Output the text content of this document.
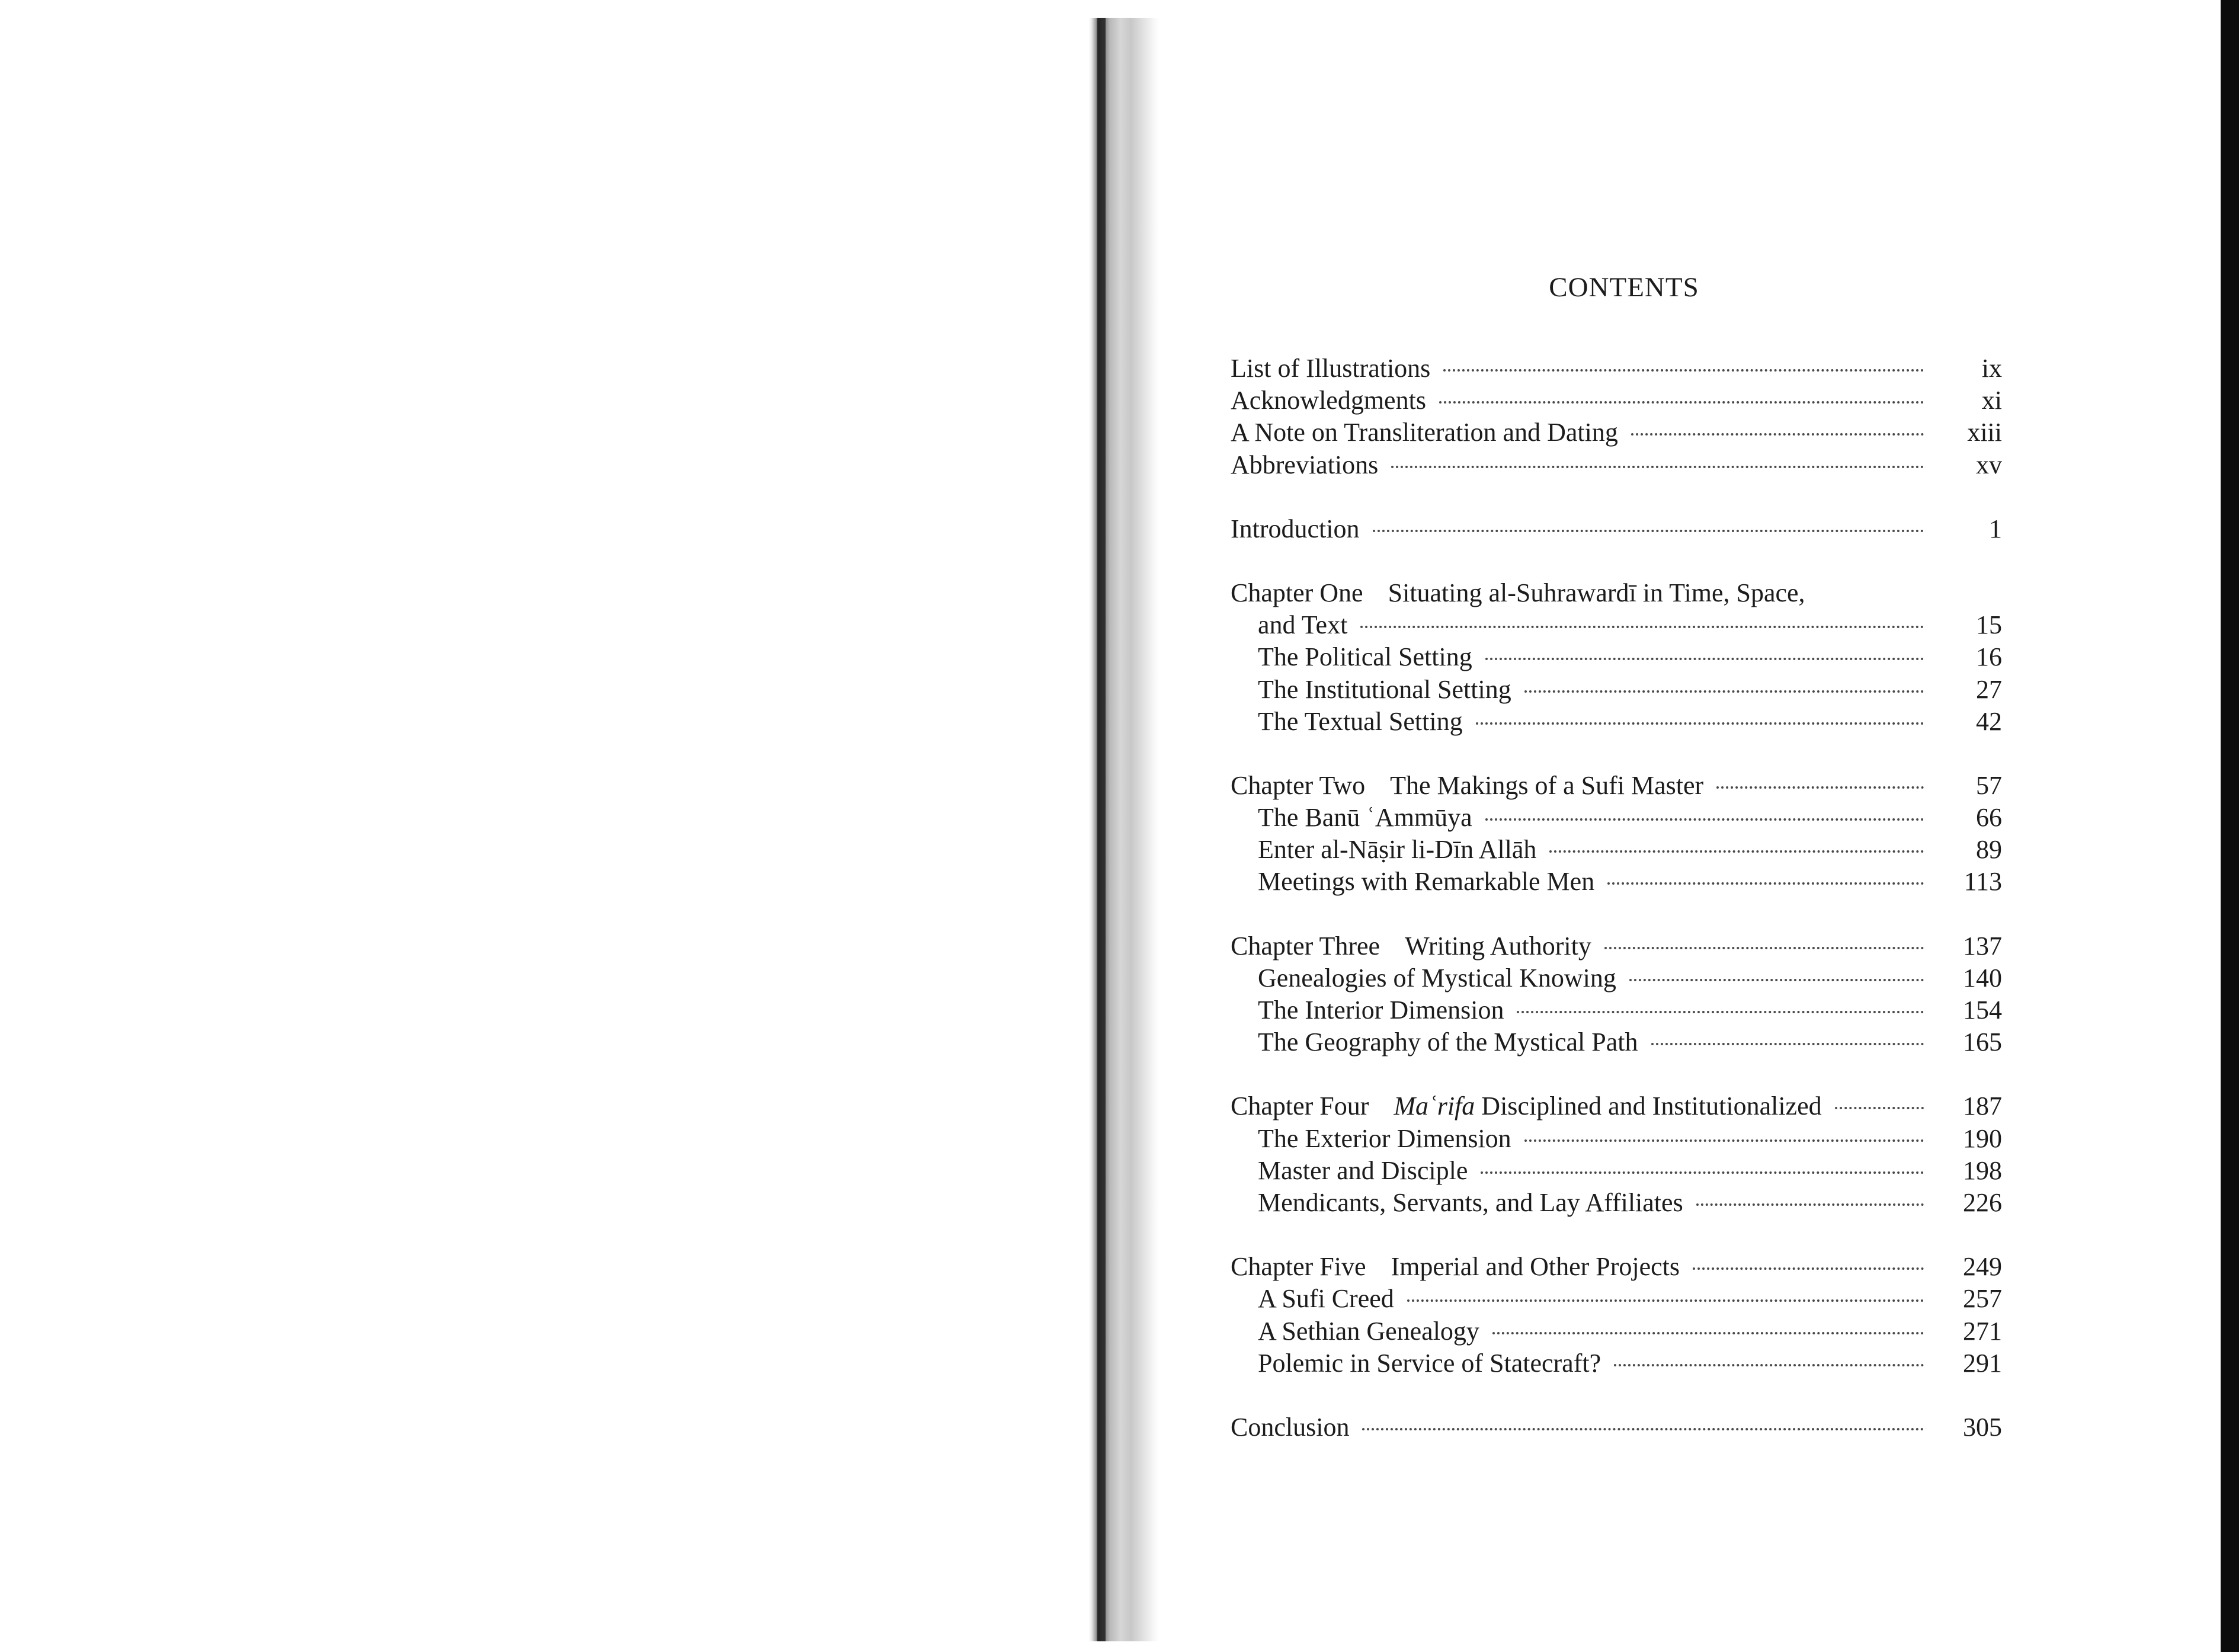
CONTENTS
List of Illustrations	ix
Acknowledgments	xi
A Note on Transliteration and Dating	xiii
Abbreviations	xv
Introduction	1
Chapter One Situating al-Suhrawardī in Time, Space,
and Text	15
The Political Setting	16
The Institutional Setting	27
The Textual Setting	42
Chapter Two The Makings of a Sufi Master	57
The Banū ʿAmmūya	66
Enter al-Nāṣir li-Dīn Allāh	89
Meetings with Remarkable Men	113
Chapter Three Writing Authority	137
Genealogies of Mystical Knowing	140
The Interior Dimension	154
The Geography of the Mystical Path	165
Chapter Four Maʿrifa Disciplined and Institutionalized	187
The Exterior Dimension	190
Master and Disciple	198
Mendicants, Servants, and Lay Affiliates	226
Chapter Five Imperial and Other Projects	249
A Sufi Creed	257
A Sethian Genealogy	271
Polemic in Service of Statecraft?	291
Conclusion	305
